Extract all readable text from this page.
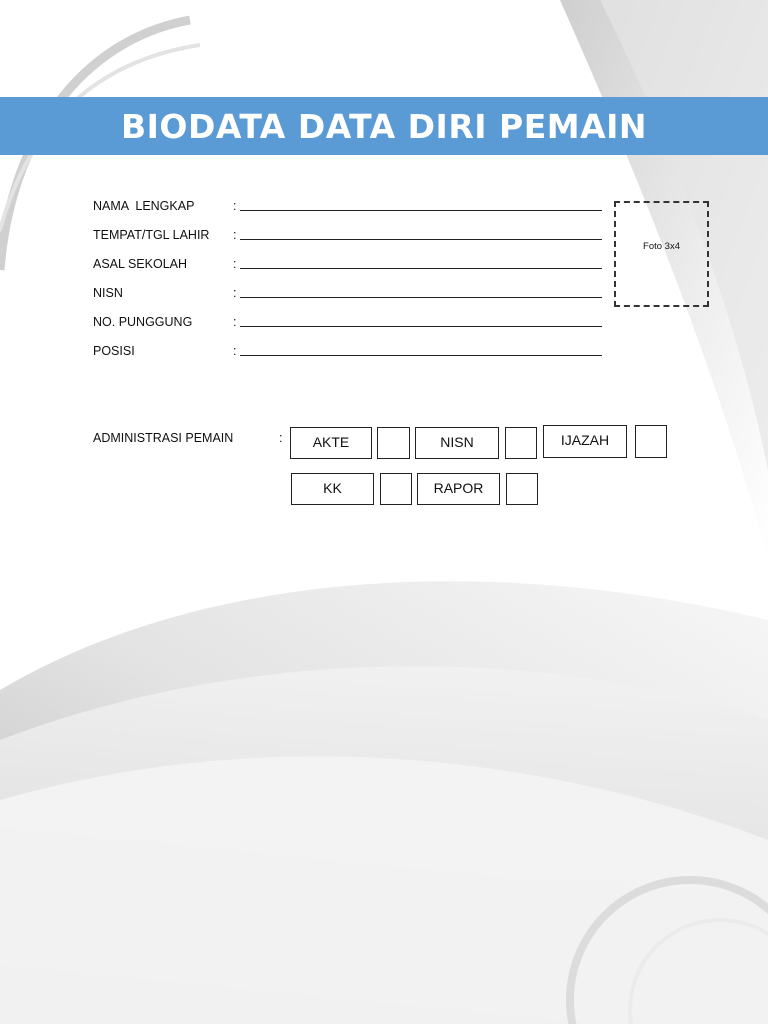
BIODATA DATA DIRI PEMAIN
NAMA  LENGKAP	:
TEMPAT/TGL LAHIR :
ASAL SEKOLAH	:
NISN	:
NO. PUNGGUNG	:
POSISI	:
Foto 3x4
ADMINISTRASI PEMAIN	: AKTE	NISN	IJAZAH
KK	RAPOR
